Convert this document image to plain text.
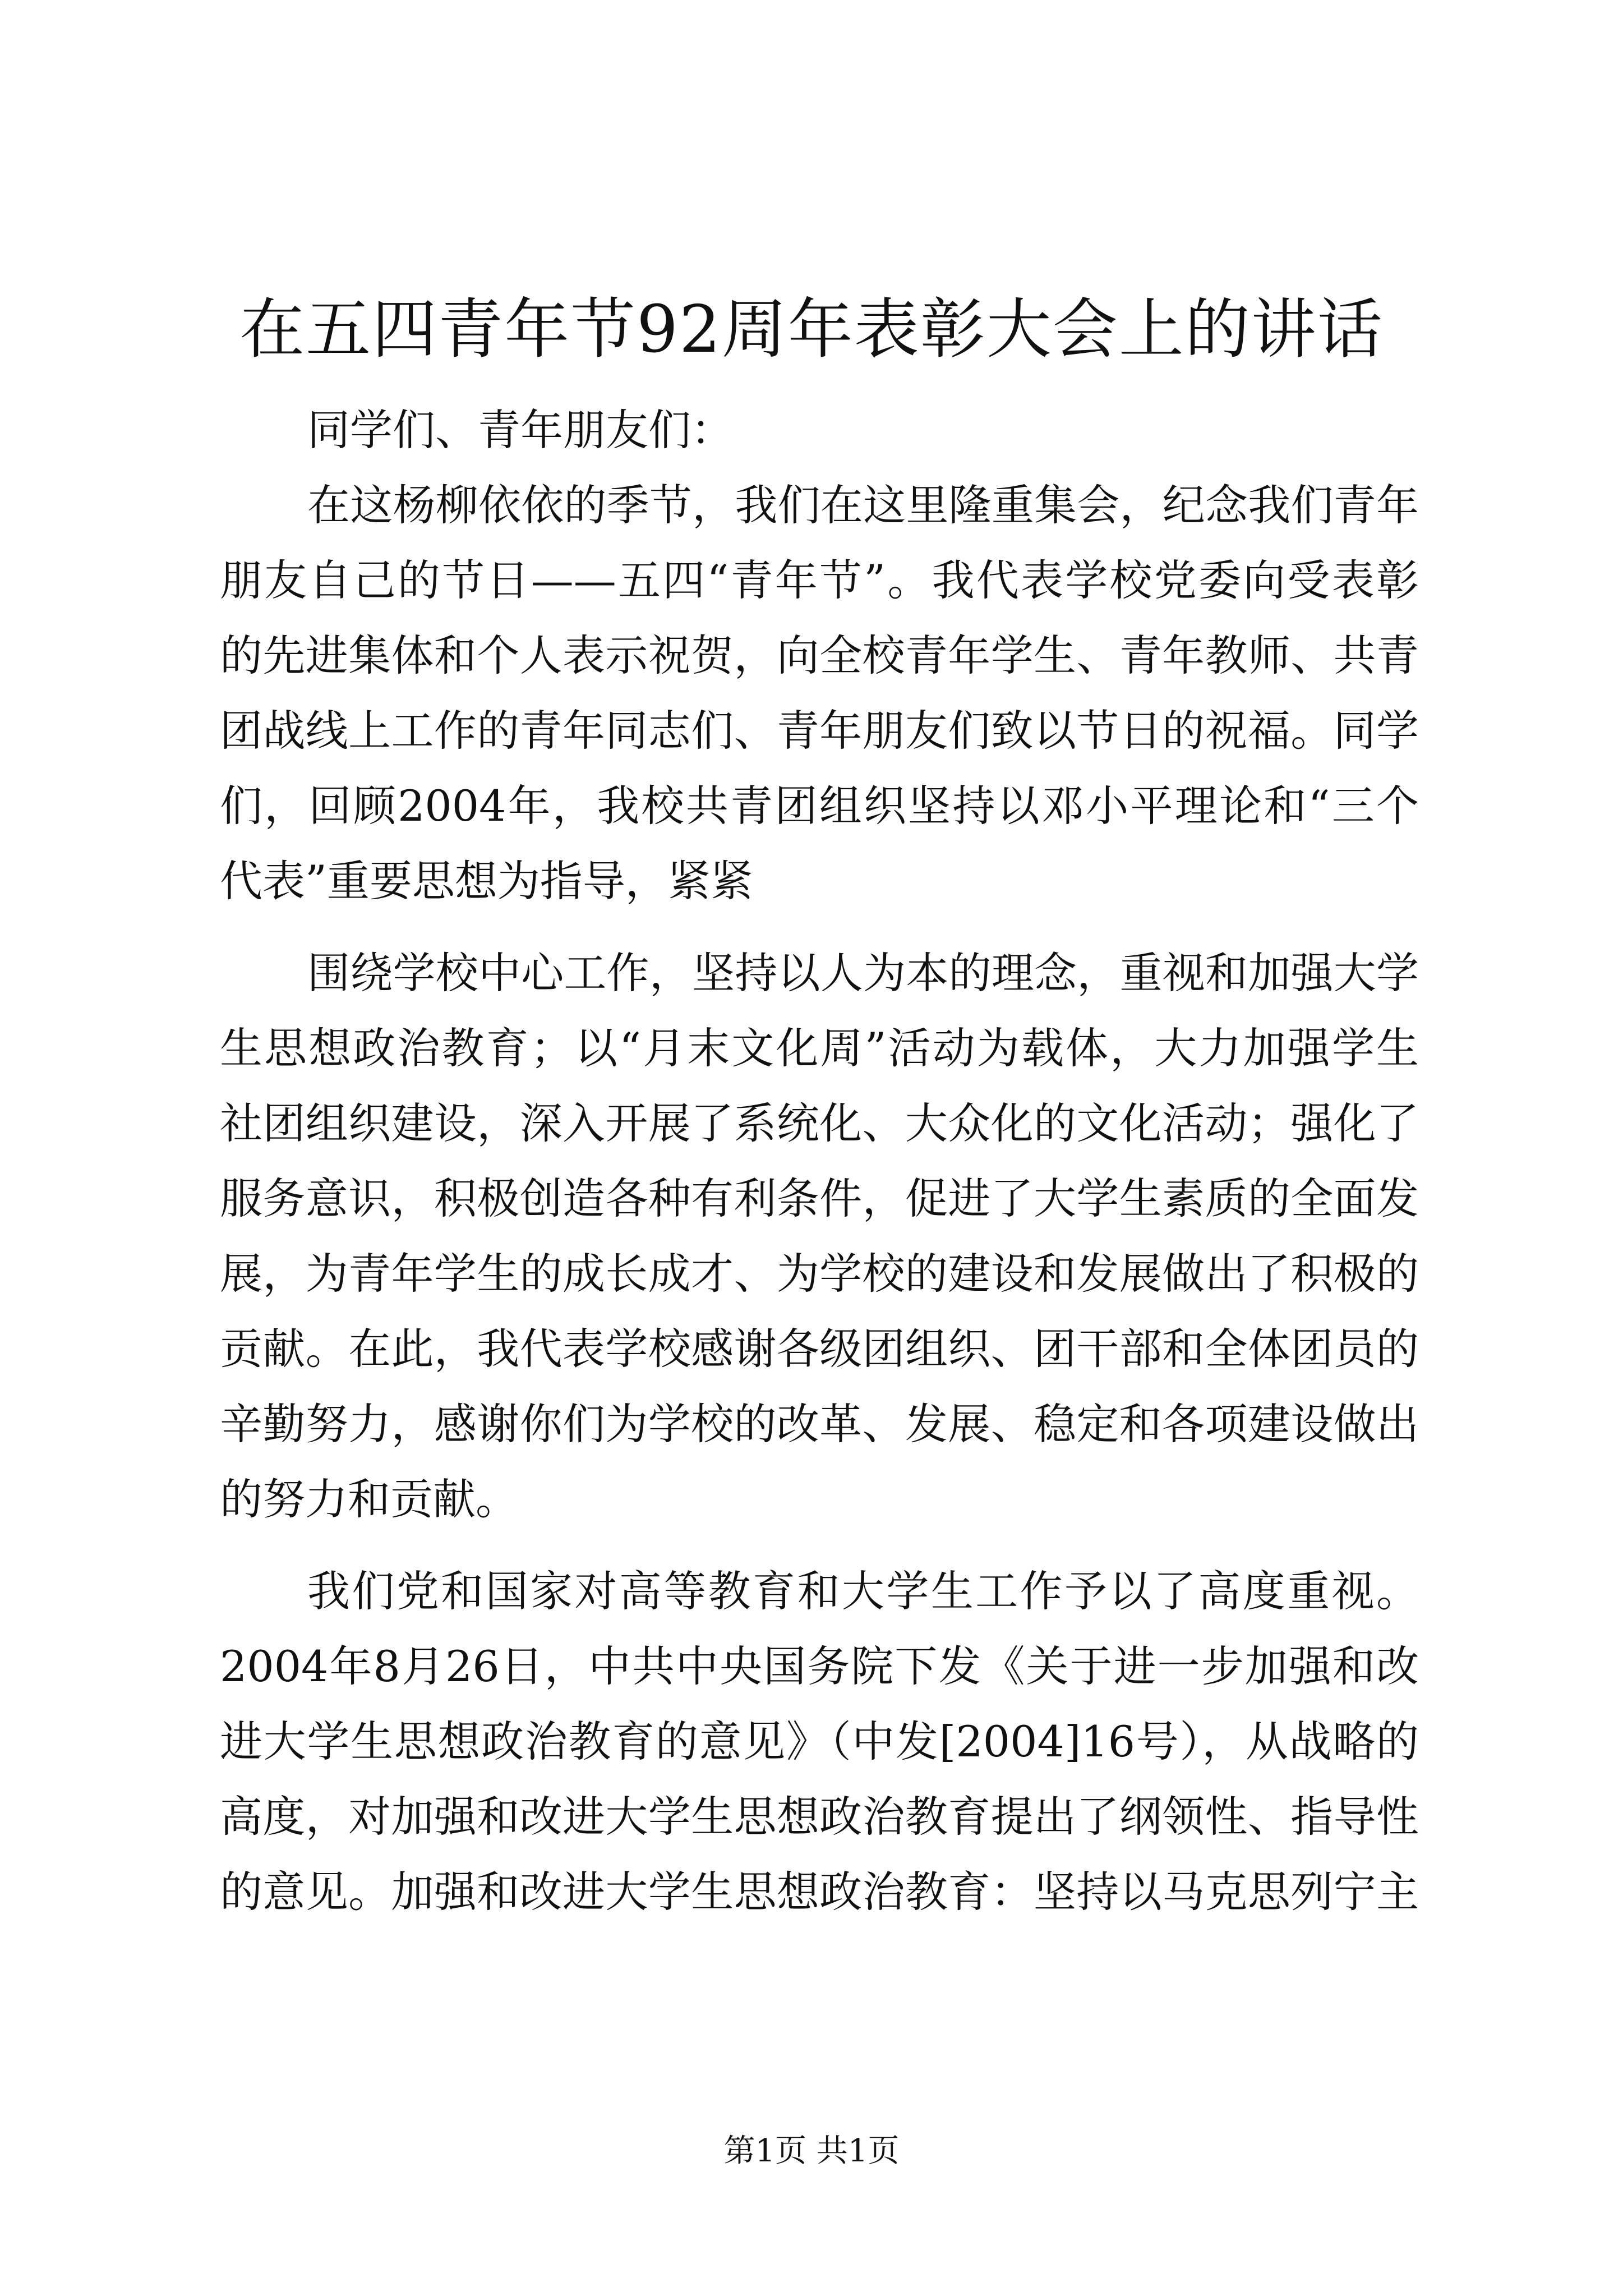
在五四青年节92周年表彰大会上的讲话

同学们、青年朋友们：

在这杨柳依依的季节，我们在这里隆重集会，纪念我们青年

朋友自己的节日——五四“青年节”。我代表学校党委向受表彰

的先进集体和个人表示祝贺，向全校青年学生、青年教师、共青

团战线上工作的青年同志们、青年朋友们致以节日的祝福。同学

们，回顾2004年，我校共青团组织坚持以邓小平理论和“三个

代表”重要思想为指导，紧紧

围绕学校中心工作，坚持以人为本的理念，重视和加强大学

生思想政治教育；以“月末文化周”活动为载体，大力加强学生

社团组织建设，深入开展了系统化、大众化的文化活动；强化了

服务意识，积极创造各种有利条件，促进了大学生素质的全面发

展，为青年学生的成长成才、为学校的建设和发展做出了积极的

贡献。在此，我代表学校感谢各级团组织、团干部和全体团员的

辛勤努力，感谢你们为学校的改革、发展、稳定和各项建设做出

的努力和贡献。

我们党和国家对高等教育和大学生工作予以了高度重视。

2004年8月26日，中共中央国务院下发《关于进一步加强和改

进大学生思想政治教育的意见》（中发[2004]16号），从战略的

高度，对加强和改进大学生思想政治教育提出了纲领性、指导性

的意见。加强和改进大学生思想政治教育：坚持以马克思列宁主

第1页 共1页
